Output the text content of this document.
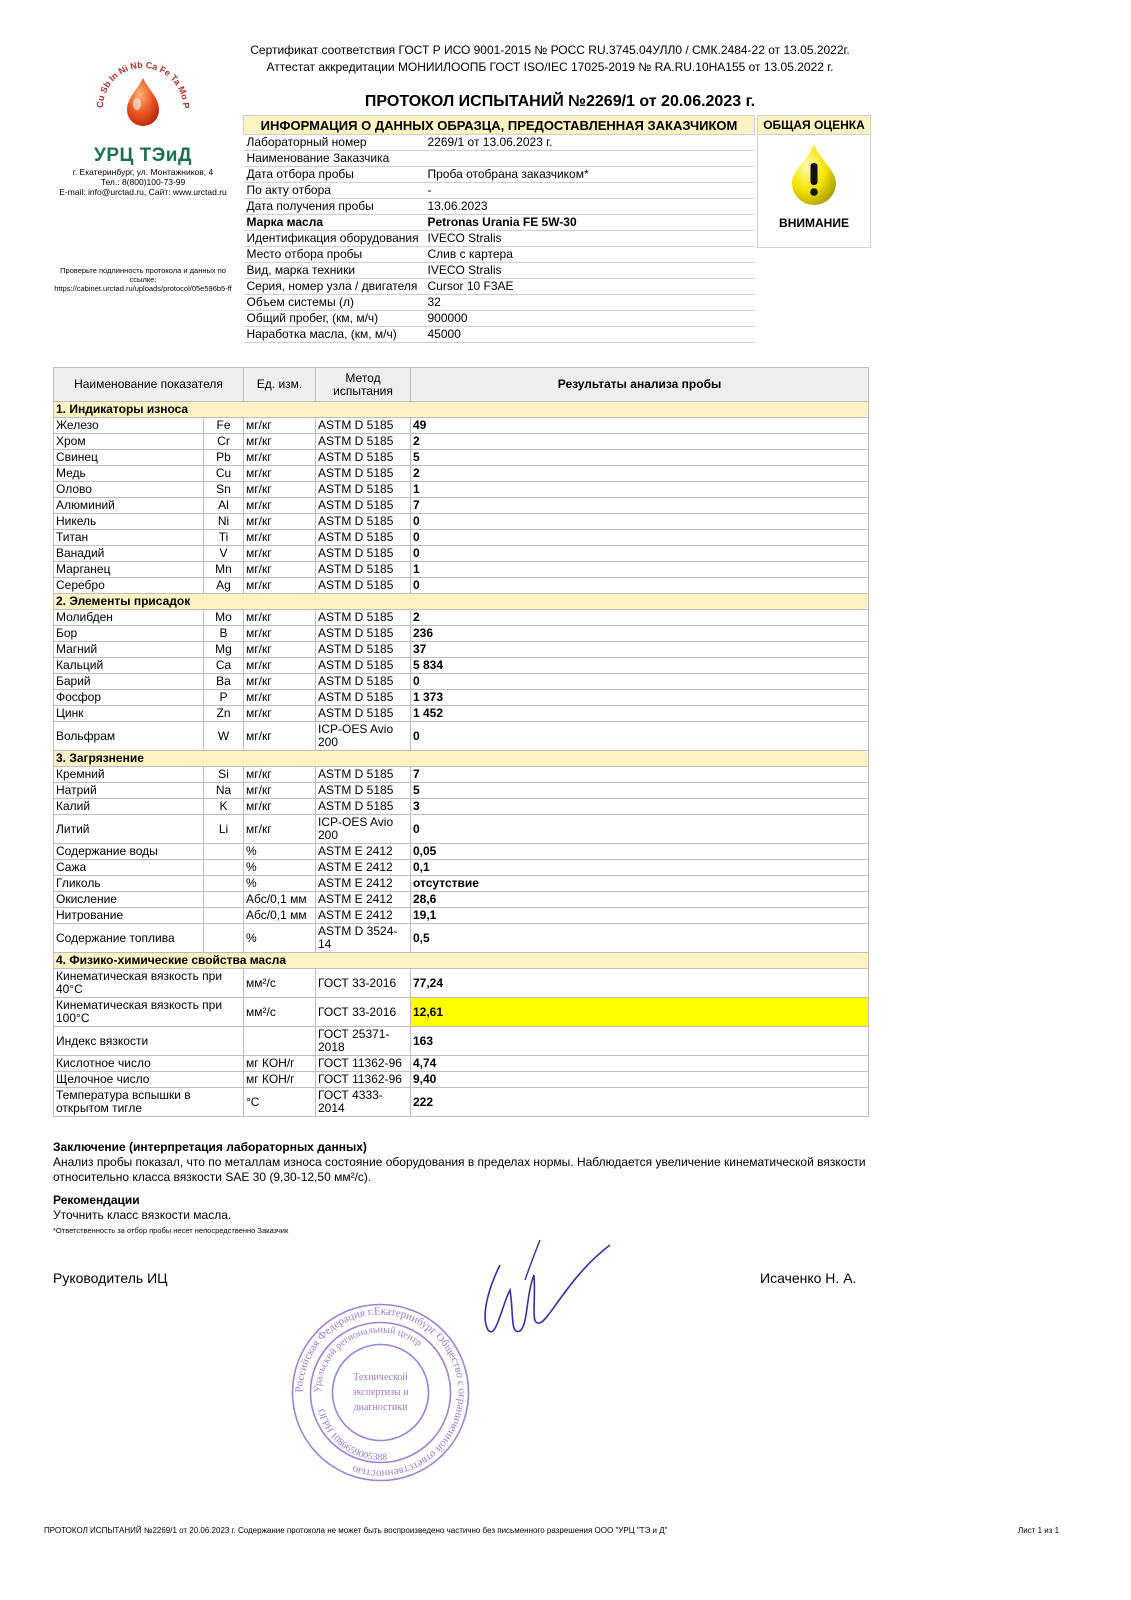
Сертификат соответствия ГОСТ Р ИСО 9001-2015 № РОСС RU.3745.04УЛЛ0 / СМК.2484-22 от 13.05.2022г.
Аттестат аккредитации МОНИИЛООПБ ГОСТ ISO/IEC 17025-2019 № RA.RU.10НА155 от 13.05.2022 г.
Cu Sb In Ni Nb Ca Fe Ta Mo P
УРЦ ТЭиД
г. Екатеринбург, ул. Монтажников, 4
Тел.: 8(800)100-73-99
E-mail: info@urctad.ru, Сайт: www.urctad.ru
Проверьте подлинность протокола и данных по ссылке:
https://cabinet.urctad.ru/uploads/protocol/05e596b5-ff
ПРОТОКОЛ ИСПЫТАНИЙ №2269/1 от 20.06.2023 г.
ИНФОРМАЦИЯ О ДАННЫХ ОБРАЗЦА, ПРЕДОСТАВЛЕННАЯ ЗАКАЗЧИКОМ	
Лабораторный номер	2269/1 от 13.06.2023 г.
Наименование Заказчика	
Дата отбора пробы	Проба отобрана заказчиком*
По акту отбора	-
Дата получения пробы	13.06.2023
Марка масла	Petronas Urania FE 5W-30
Идентификация оборудования	IVECO Stralis
Место отбора пробы	Слив с картера
Вид, марка техники	IVECO Stralis
Серия, номер узла / двигателя	Cursor 10 F3AE
Объем системы (л)	32
Общий пробег, (км, м/ч)	900000
Наработка масла, (км, м/ч)	45000
ОБЩАЯ ОЦЕНКА
ВНИМАНИЕ
Наименование показателя		Ед. изм.	Метод испытания	Результаты анализа пробы
1. Индикаторы износа				
Железо	Fe	мг/кг	ASTM D 5185	49
Хром	Cr	мг/кг	ASTM D 5185	2
Свинец	Pb	мг/кг	ASTM D 5185	5
Медь	Cu	мг/кг	ASTM D 5185	2
Олово	Sn	мг/кг	ASTM D 5185	1
Алюминий	Al	мг/кг	ASTM D 5185	7
Никель	Ni	мг/кг	ASTM D 5185	0
Титан	Ti	мг/кг	ASTM D 5185	0
Ванадий	V	мг/кг	ASTM D 5185	0
Марганец	Mn	мг/кг	ASTM D 5185	1
Серебро	Ag	мг/кг	ASTM D 5185	0
2. Элементы присадок				
Молибден	Mo	мг/кг	ASTM D 5185	2
Бор	B	мг/кг	ASTM D 5185	236
Магний	Mg	мг/кг	ASTM D 5185	37
Кальций	Ca	мг/кг	ASTM D 5185	5 834
Барий	Ba	мг/кг	ASTM D 5185	0
Фосфор	P	мг/кг	ASTM D 5185	1 373
Цинк	Zn	мг/кг	ASTM D 5185	1 452
Вольфрам	W	мг/кг	ICP-OES Avio 200	0
3. Загрязнение				
Кремний	Si	мг/кг	ASTM D 5185	7
Натрий	Na	мг/кг	ASTM D 5185	5
Калий	K	мг/кг	ASTM D 5185	3
Литий	Li	мг/кг	ICP-OES Avio 200	0
Содержание воды		%	ASTM E 2412	0,05
Сажа		%	ASTM E 2412	0,1
Гликоль		%	ASTM E 2412	отсутствие
Окисление		Абс/0,1 мм	ASTM E 2412	28,6
Нитрование		Абс/0,1 мм	ASTM E 2412	19,1
Содержание топлива		%	ASTM D 3524-14	0,5
4. Физико-химические свойства масла				
Кинематическая вязкость при 40°С		мм²/с	ГОСТ 33-2016	77,24
Кинематическая вязкость при 100°С		мм²/с	ГОСТ 33-2016	12,61
Индекс вязкости			ГОСТ 25371-2018	163
Кислотное число		мг КОН/г	ГОСТ 11362-96	4,74
Щелочное число		мг КОН/г	ГОСТ 11362-96	9,40
Температура вспышки в открытом тигле		°С	ГОСТ 4333-2014	222
Заключение (интерпретация лабораторных данных)
Анализ пробы показал, что по металлам износа состояние оборудования в пределах нормы. Наблюдается увеличение кинематической вязкости относительно класса вязкости SAE 30 (9,30-12,50 мм²/с).
Рекомендации
Уточнить класс вязкости масла.
*Ответственность за отбор пробы несет непосредственно Заказчик
Руководитель ИЦ	Исаченко Н. А.
Российская Федерация г.Екатеринбург Общество с ограниченной ответственностью
Уральский региональный центр
ОГРН 1086659005388
Технической
экспертизы и
диагностики
ПРОТОКОЛ ИСПЫТАНИЙ №2269/1 от 20.06.2023 г. Содержание протокола не может быть воспроизведено частично без письменного разрешения ООО "УРЦ "ТЭ и Д"	Лист 1 из 1
